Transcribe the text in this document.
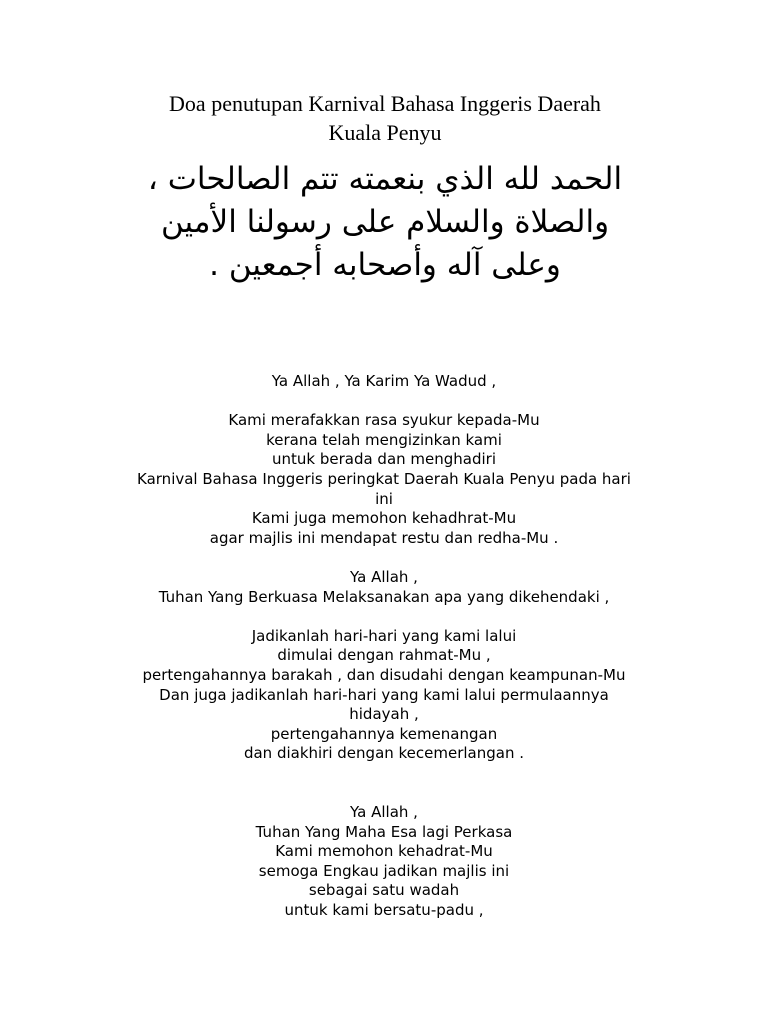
Doa penutupan Karnival Bahasa Inggeris Daerah
Kuala Penyu
الحمد لله الذي بنعمته تتم الصالحات ،
والصلاة والسلام على رسولنا الأمين
وعلى آله وأصحابه أجمعين .
Ya Allah , Ya Karim Ya Wadud ,
Kami merafakkan rasa syukur kepada-Mu
kerana telah mengizinkan kami
untuk berada dan menghadiri
Karnival Bahasa Inggeris peringkat Daerah Kuala Penyu pada hari
ini
Kami juga memohon kehadhrat-Mu
agar majlis ini mendapat restu dan redha-Mu .
Ya Allah ,
Tuhan Yang Berkuasa Melaksanakan apa yang dikehendaki ,
Jadikanlah hari-hari yang kami lalui
dimulai dengan rahmat-Mu ,
pertengahannya barakah , dan disudahi dengan keampunan-Mu
Dan juga jadikanlah hari-hari yang kami lalui permulaannya
hidayah ,
pertengahannya kemenangan
dan diakhiri dengan kecemerlangan .
Ya Allah ,
Tuhan Yang Maha Esa lagi Perkasa
Kami memohon kehadrat-Mu
semoga Engkau jadikan majlis ini
sebagai satu wadah
untuk kami bersatu-padu ,
